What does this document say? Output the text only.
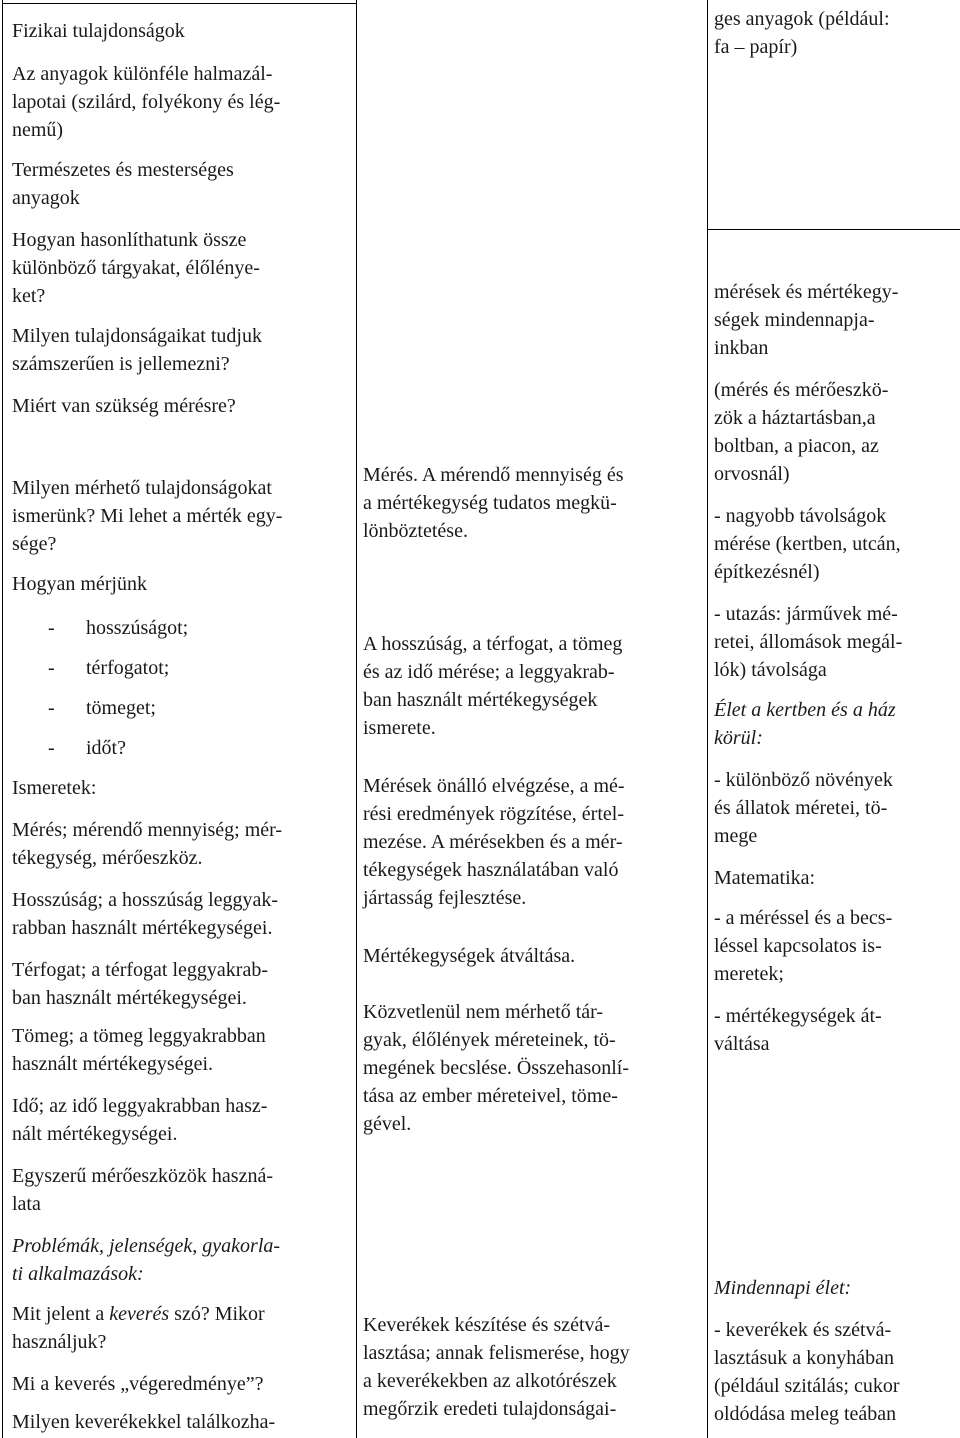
Fizikai tulajdonságok
Az anyagok különféle halmazál-
lapotai (szilárd, folyékony és lég-
nemű)
Természetes és mesterséges
anyagok
Hogyan hasonlíthatunk össze
különböző tárgyakat, élőlénye-
ket?
Milyen tulajdonságaikat tudjuk
számszerűen is jellemezni?
Miért van szükség mérésre?
Milyen mérhető tulajdonságokat
ismerünk? Mi lehet a mérték egy-
sége?
Hogyan mérjünk
- hosszúságot;
- térfogatot;
- tömeget;
- időt?
Ismeretek:
Mérés; mérendő mennyiség; mér-
tékegység, mérőeszköz.
Hosszúság; a hosszúság leggyak-
rabban használt mértékegységei.
Térfogat; a térfogat leggyakrab-
ban használt mértékegységei.
Tömeg; a tömeg leggyakrabban
használt mértékegységei.
Idő; az idő leggyakrabban hasz-
nált mértékegységei.
Egyszerű mérőeszközök haszná-
lata
Problémák, jelenségek, gyakorla-
ti alkalmazások:
Mit jelent a keverés szó? Mikor
használjuk?
Mi a keverés „végeredménye”?
Milyen keverékekkel találkozha-
Mérés. A mérendő mennyiség és
a mértékegység tudatos megkü-
lönböztetése.
A hosszúság, a térfogat, a tömeg
és az idő mérése; a leggyakrab-
ban használt mértékegységek
ismerete.
Mérések önálló elvégzése, a mé-
rési eredmények rögzítése, értel-
mezése. A mérésekben és a mér-
tékegységek használatában való
jártasság fejlesztése.
Mértékegységek átváltása.
Közvetlenül nem mérhető tár-
gyak, élőlények méreteinek, tö-
megének becslése. Összehasonlí-
tása az ember méreteivel, töme-
gével.
Keverékek készítése és szétvá-
lasztása; annak felismerése, hogy
a keverékekben az alkotórészek
megőrzik eredeti tulajdonságai-
ges anyagok (például:
fa – papír)
mérések és mértékegy-
ségek mindennapja-
inkban
(mérés és mérőeszkö-
zök a háztartásban,a
boltban, a piacon, az
orvosnál)
- nagyobb távolságok
mérése (kertben, utcán,
építkezésnél)
- utazás: járművek mé-
retei, állomások megál-
lók) távolsága
Élet a kertben és a ház
körül:
- különböző növények
és állatok méretei, tö-
mege
Matematika:
- a méréssel és a becs-
léssel kapcsolatos is-
meretek;
- mértékegységek át-
váltása
Mindennapi élet:
- keverékek és szétvá-
lasztásuk a konyhában
(például szitálás; cukor
oldódása meleg teában
